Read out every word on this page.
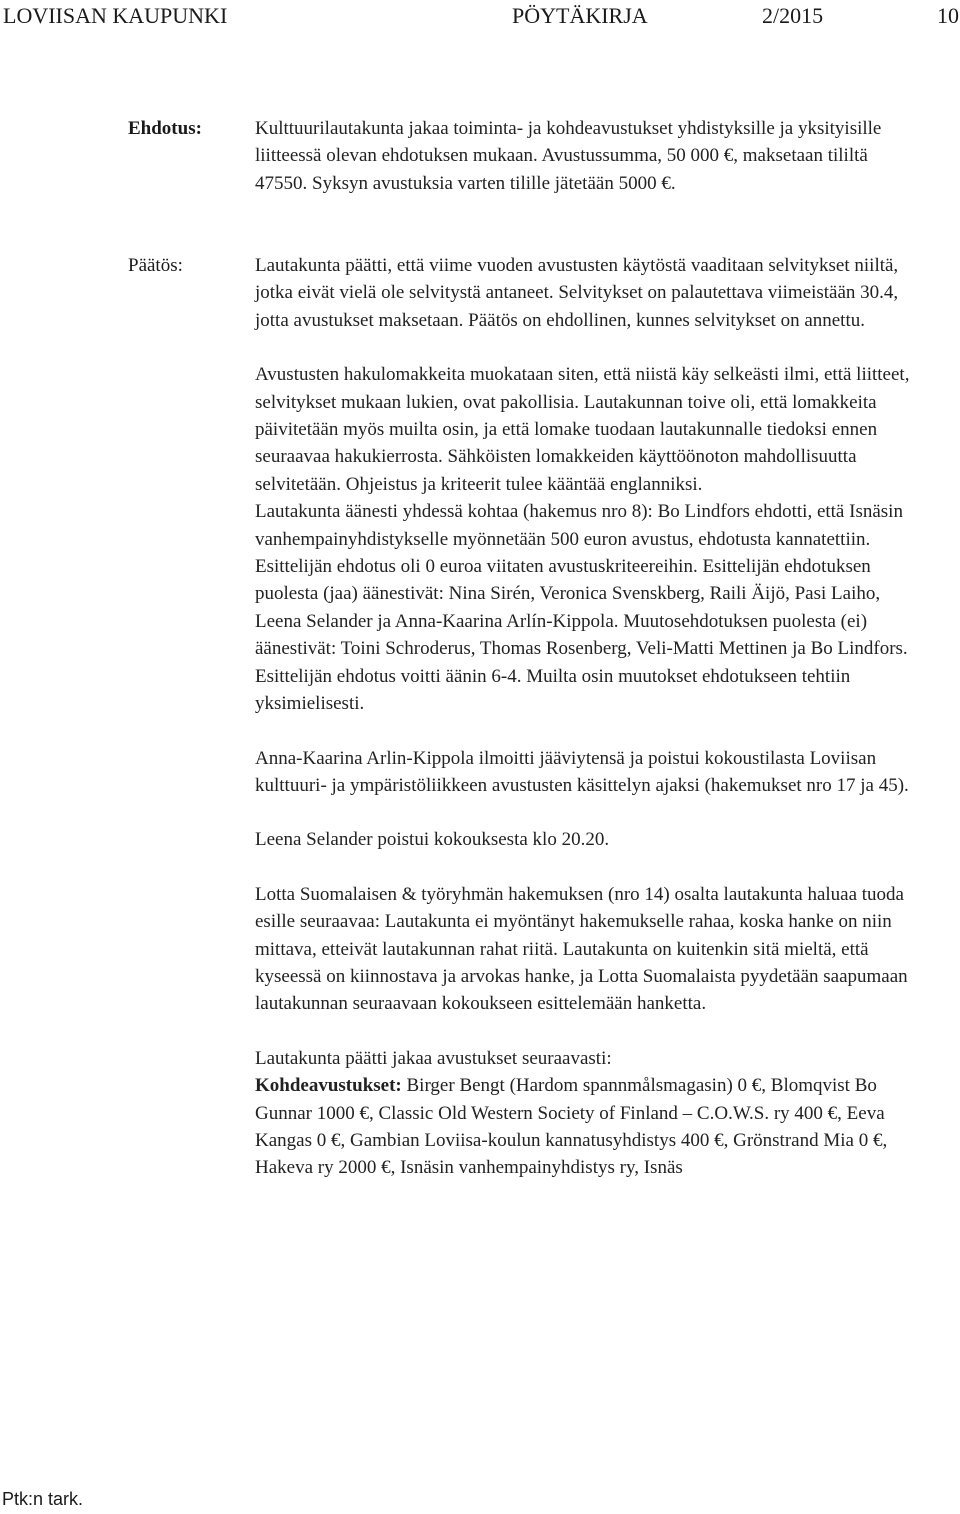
LOVIISAN KAUPUNKI	PÖYTÄKIRJA	2/2015	10
Ehdotus:	Kulttuurilautakunta jakaa toiminta- ja kohdeavustukset yhdistyksille ja yksityisille liitteessä olevan ehdotuksen mukaan. Avustussumma, 50 000 €, maksetaan tililtä 47550. Syksyn avustuksia varten tilille jätetään 5000 €.

Päätös:	Lautakunta päätti, että viime vuoden avustusten käytöstä vaaditaan selvitykset niiltä, jotka eivät vielä ole selvitystä antaneet. Selvitykset on palautettava viimeistään 30.4, jotta avustukset maksetaan. Päätös on ehdollinen, kunnes selvitykset on annettu.

Avustusten hakulomakkeita muokataan siten, että niistä käy selkeästi ilmi, että liitteet, selvitykset mukaan lukien, ovat pakollisia. Lautakunnan toive oli, että lomakkeita päivitetään myös muilta osin, ja että lomake tuodaan lautakunnalle tiedoksi ennen seuraavaa hakukierrosta. Sähköisten lomakkeiden käyttöönoton mahdollisuutta selvitetään. Ohjeistus ja kriteerit tulee kääntää englanniksi.

Lautakunta äänesti yhdessä kohtaa (hakemus nro 8): Bo Lindfors ehdotti, että Isnäsin vanhempainyhdistykselle myönnetään 500 euron avustus, ehdotusta kannatettiin. Esittelijän ehdotus oli 0 euroa viitaten avustuskriteereihin. Esittelijän ehdotuksen puolesta (jaa) äänestivät: Nina Sirén, Veronica Svenskberg, Raili Äijö, Pasi Laiho, Leena Selander ja Anna-Kaarina Arlín-Kippola. Muutosehdotuksen puolesta (ei) äänestivät: Toini Schroderus, Thomas Rosenberg, Veli-Matti Mettinen ja Bo Lindfors. Esittelijän ehdotus voitti äänin 6-4. Muilta osin muutokset ehdotukseen tehtiin yksimielisesti.

Anna-Kaarina Arlin-Kippola ilmoitti jääviytensä ja poistui kokoustilasta Loviisan kulttuuri- ja ympäristöliikkeen avustusten käsittelyn ajaksi (hakemukset nro 17 ja 45).

Leena Selander poistui kokouksesta klo 20.20.

Lotta Suomalaisen & työryhmän hakemuksen (nro 14) osalta lautakunta haluaa tuoda esille seuraavaa: Lautakunta ei myöntänyt hakemukselle rahaa, koska hanke on niin mittava, etteivät lautakunnan rahat riitä. Lautakunta on kuitenkin sitä mieltä, että kyseessä on kiinnostava ja arvokas hanke, ja Lotta Suomalaista pyydetään saapumaan lautakunnan seuraavaan kokoukseen esittelemään hanketta.

Lautakunta päätti jakaa avustukset seuraavasti:

Kohdeavustukset: Birger Bengt (Hardom spannmålsmagasin) 0 €, Blomqvist Bo Gunnar 1000 €, Classic Old Western Society of Finland – C.O.W.S. ry 400 €, Eeva Kangas 0 €, Gambian Loviisa-koulun kannatusyhdistys 400 €, Grönstrand Mia 0 €, Hakeva ry 2000 €, Isnäsin vanhempainyhdistys ry, Isnäs

Ptk:n tark.
